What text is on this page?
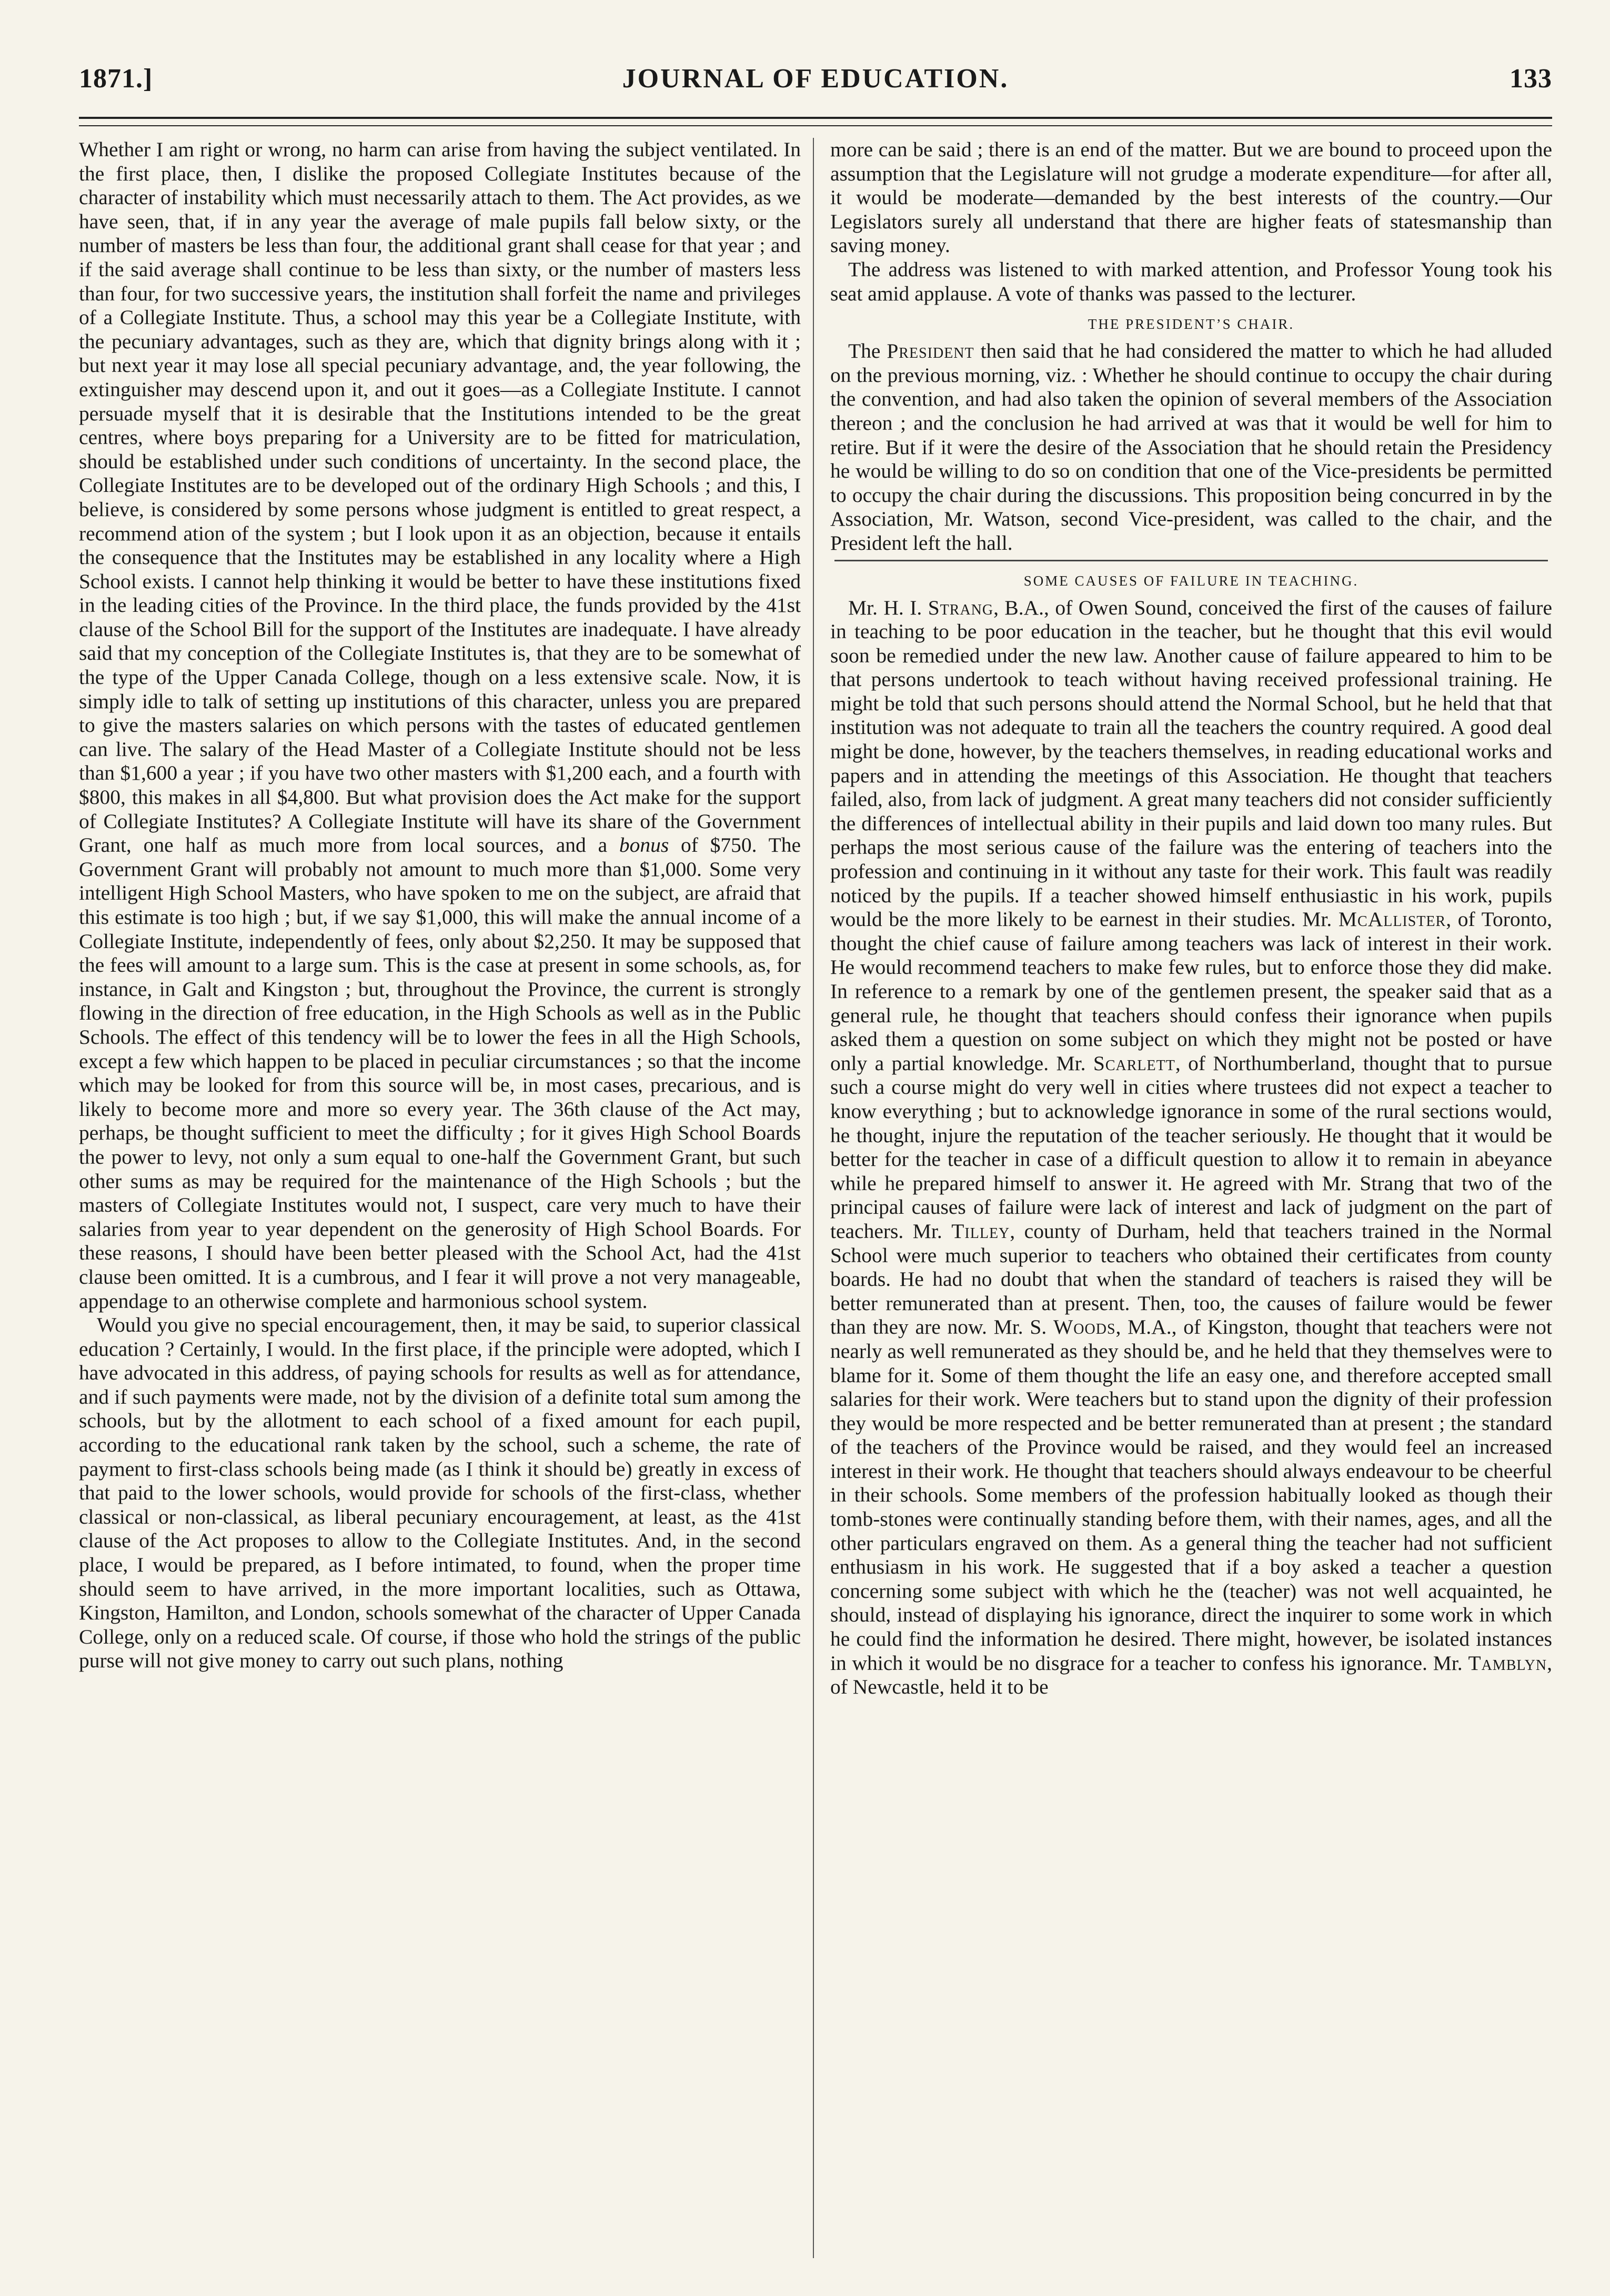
1871.]	JOURNAL OF EDUCATION.	133

Whether I am right or wrong, no harm can arise from having the subject ventilated. In the first place, then, I dislike the proposed Collegiate Institutes because of the character of instability which must necessarily attach to them. The Act provides, as we have seen, that, if in any year the average of male pupils fall below sixty, or the number of masters be less than four, the additional grant shall cease for that year ; and if the said average shall continue to be less than sixty, or the number of masters less than four, for two successive years, the institution shall forfeit the name and privileges of a Collegiate Institute. Thus, a school may this year be a Collegiate Institute, with the pecuniary advantages, such as they are, which that dignity brings along with it ; but next year it may lose all special pecuniary advantage, and, the year following, the extinguisher may descend upon it, and out it goes—as a Collegiate Institute. I cannot persuade myself that it is desirable that the Institutions intended to be the great centres, where boys preparing for a University are to be fitted for matriculation, should be established under such conditions of uncertainty. In the second place, the Collegiate Institutes are to be developed out of the ordinary High Schools ; and this, I believe, is considered by some persons whose judgment is entitled to great respect, a recommend ation of the system ; but I look upon it as an objection, because it entails the consequence that the Institutes may be established in any locality where a High School exists. I cannot help thinking it would be better to have these institutions fixed in the leading cities of the Province. In the third place, the funds provided by the 41st clause of the School Bill for the support of the Institutes are inadequate. I have already said that my conception of the Collegiate Institutes is, that they are to be somewhat of the type of the Upper Canada College, though on a less extensive scale. Now, it is simply idle to talk of setting up institutions of this character, unless you are prepared to give the masters salaries on which persons with the tastes of educated gentlemen can live. The salary of the Head Master of a Collegiate Institute should not be less than $1,600 a year ; if you have two other masters with $1,200 each, and a fourth with $800, this makes in all $4,800. But what provision does the Act make for the support of Collegiate Institutes? A Collegiate Institute will have its share of the Government Grant, one half as much more from local sources, and a bonus of $750. The Government Grant will probably not amount to much more than $1,000. Some very intelligent High School Masters, who have spoken to me on the subject, are afraid that this estimate is too high ; but, if we say $1,000, this will make the annual income of a Collegiate Institute, independently of fees, only about $2,250. It may be supposed that the fees will amount to a large sum. This is the case at present in some schools, as, for instance, in Galt and Kingston ; but, throughout the Province, the current is strongly flowing in the direction of free education, in the High Schools as well as in the Public Schools. The effect of this tendency will be to lower the fees in all the High Schools, except a few which happen to be placed in peculiar circumstances ; so that the income which may be looked for from this source will be, in most cases, precarious, and is likely to become more and more so every year. The 36th clause of the Act may, perhaps, be thought sufficient to meet the difficulty ; for it gives High School Boards the power to levy, not only a sum equal to one-half the Government Grant, but such other sums as may be required for the maintenance of the High Schools ; but the masters of Collegiate Institutes would not, I suspect, care very much to have their salaries from year to year dependent on the generosity of High School Boards. For these reasons, I should have been better pleased with the School Act, had the 41st clause been omitted. It is a cumbrous, and I fear it will prove a not very manageable, appendage to an otherwise complete and harmonious school system.

Would you give no special encouragement, then, it may be said, to superior classical education ? Certainly, I would. In the first place, if the principle were adopted, which I have advocated in this address, of paying schools for results as well as for attendance, and if such payments were made, not by the division of a definite total sum among the schools, but by the allotment to each school of a fixed amount for each pupil, according to the educational rank taken by the school, such a scheme, the rate of payment to first-class schools being made (as I think it should be) greatly in excess of that paid to the lower schools, would provide for schools of the first-class, whether classical or non-classical, as liberal pecuniary encouragement, at least, as the 41st clause of the Act proposes to allow to the Collegiate Institutes. And, in the second place, I would be prepared, as I before intimated, to found, when the proper time should seem to have arrived, in the more important localities, such as Ottawa, Kingston, Hamilton, and London, schools somewhat of the character of Upper Canada College, only on a reduced scale. Of course, if those who hold the strings of the public purse will not give money to carry out such plans, nothing

more can be said ; there is an end of the matter. But we are bound to proceed upon the assumption that the Legislature will not grudge a moderate expenditure—for after all, it would be moderate—demanded by the best interests of the country.—Our Legislators surely all understand that there are higher feats of statesmanship than saving money.

The address was listened to with marked attention, and Professor Young took his seat amid applause. A vote of thanks was passed to the lecturer.

THE PRESIDENT’S CHAIR.

The President then said that he had considered the matter to which he had alluded on the previous morning, viz. : Whether he should continue to occupy the chair during the convention, and had also taken the opinion of several members of the Association thereon ; and the conclusion he had arrived at was that it would be well for him to retire. But if it were the desire of the Association that he should retain the Presidency he would be willing to do so on condition that one of the Vice-presidents be permitted to occupy the chair during the discussions. This proposition being concurred in by the Association, Mr. Watson, second Vice-president, was called to the chair, and the President left the hall.

SOME CAUSES OF FAILURE IN TEACHING.

Mr. H. I. Strang, B.A., of Owen Sound, conceived the first of the causes of failure in teaching to be poor education in the teacher, but he thought that this evil would soon be remedied under the new law. Another cause of failure appeared to him to be that persons undertook to teach without having received professional training. He might be told that such persons should attend the Normal School, but he held that that institution was not adequate to train all the teachers the country required. A good deal might be done, however, by the teachers themselves, in reading educational works and papers and in attending the meetings of this Association. He thought that teachers failed, also, from lack of judgment. A great many teachers did not consider sufficiently the differences of intellectual ability in their pupils and laid down too many rules. But perhaps the most serious cause of the failure was the entering of teachers into the profession and continuing in it without any taste for their work. This fault was readily noticed by the pupils. If a teacher showed himself enthusiastic in his work, pupils would be the more likely to be earnest in their studies. Mr. McAllister, of Toronto, thought the chief cause of failure among teachers was lack of interest in their work. He would recommend teachers to make few rules, but to enforce those they did make. In reference to a remark by one of the gentlemen present, the speaker said that as a general rule, he thought that teachers should confess their ignorance when pupils asked them a question on some subject on which they might not be posted or have only a partial knowledge. Mr. Scarlett, of Northumberland, thought that to pursue such a course might do very well in cities where trustees did not expect a teacher to know everything ; but to acknowledge ignorance in some of the rural sections would, he thought, injure the reputation of the teacher seriously. He thought that it would be better for the teacher in case of a difficult question to allow it to remain in abeyance while he prepared himself to answer it. He agreed with Mr. Strang that two of the principal causes of failure were lack of interest and lack of judgment on the part of teachers. Mr. Tilley, county of Durham, held that teachers trained in the Normal School were much superior to teachers who obtained their certificates from county boards. He had no doubt that when the standard of teachers is raised they will be better remunerated than at present. Then, too, the causes of failure would be fewer than they are now. Mr. S. Woods, M.A., of Kingston, thought that teachers were not nearly as well remunerated as they should be, and he held that they themselves were to blame for it. Some of them thought the life an easy one, and therefore accepted small salaries for their work. Were teachers but to stand upon the dignity of their profession they would be more respected and be better remunerated than at present ; the standard of the teachers of the Province would be raised, and they would feel an increased interest in their work. He thought that teachers should always endeavour to be cheerful in their schools. Some members of the profession habitually looked as though their tomb-stones were continually standing before them, with their names, ages, and all the other particulars engraved on them. As a general thing the teacher had not sufficient enthusiasm in his work. He suggested that if a boy asked a teacher a question concerning some subject with which he the (teacher) was not well acquainted, he should, instead of displaying his ignorance, direct the inquirer to some work in which he could find the information he desired. There might, however, be isolated instances in which it would be no disgrace for a teacher to confess his ignorance. Mr. Tamblyn, of Newcastle, held it to be
